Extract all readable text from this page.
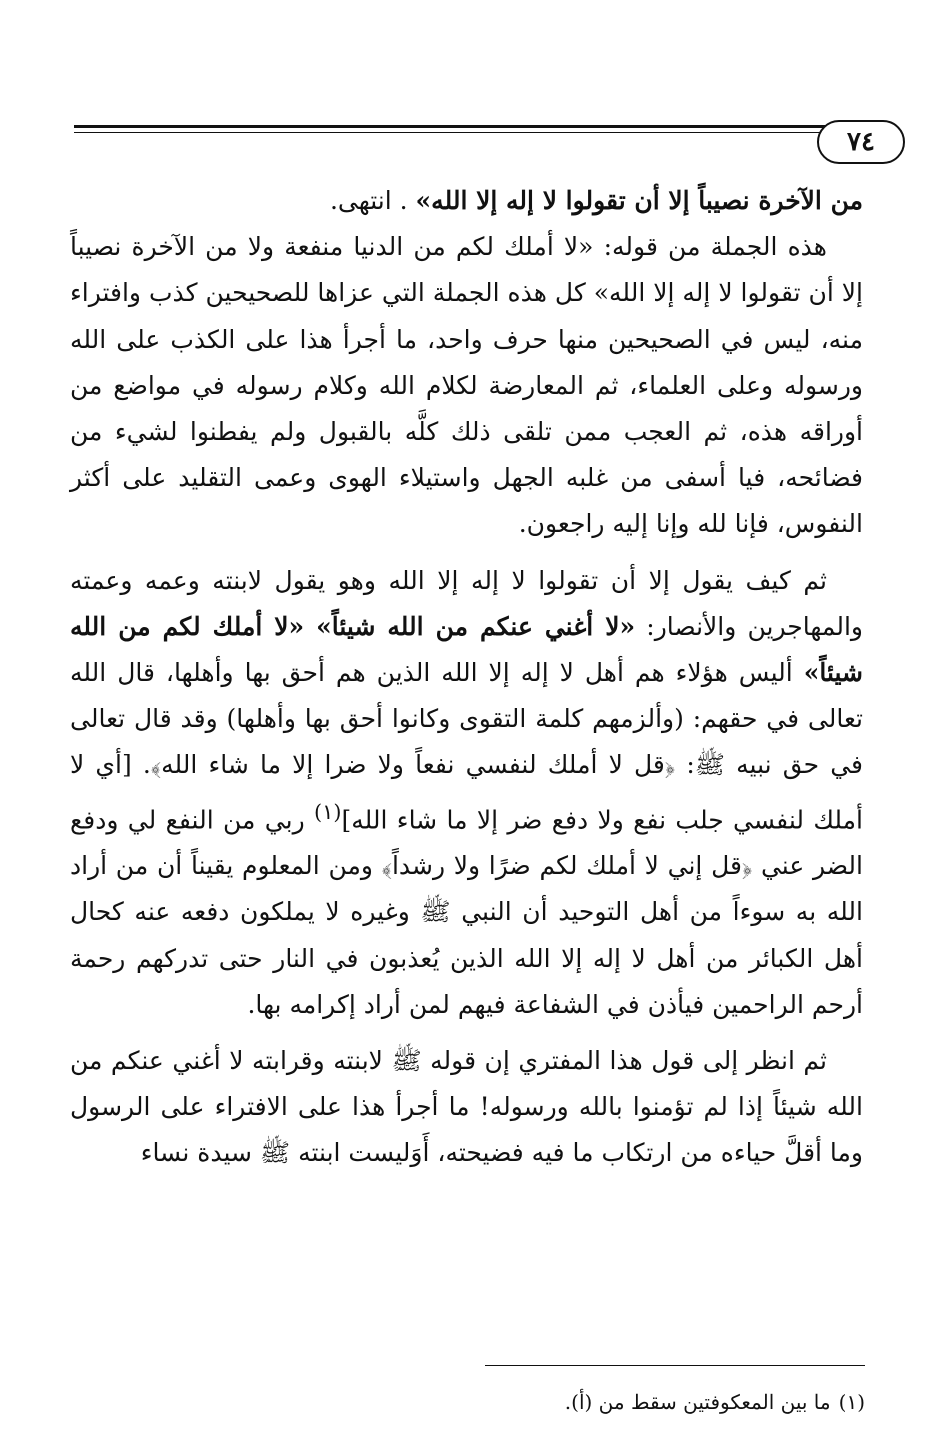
٧٤

من الآخرة نصيباً إلا أن تقولوا لا إله إلا الله» . انتهى.

هذه الجملة من قوله: «لا أملك لكم من الدنيا منفعة ولا من الآخرة نصيباً إلا أن تقولوا لا إله إلا الله» كل هذه الجملة التي عزاها للصحيحين كذب وافتراء منه، ليس في الصحيحين منها حرف واحد، ما أجرأ هذا على الكذب على الله ورسوله وعلى العلماء، ثم المعارضة لكلام الله وكلام رسوله في مواضع من أوراقه هذه، ثم العجب ممن تلقى ذلك كلَّه بالقبول ولم يفطنوا لشيء من فضائحه، فيا أسفى من غلبه الجهل واستيلاء الهوى وعمى التقليد على أكثر النفوس، فإنا لله وإنا إليه راجعون.

ثم كيف يقول إلا أن تقولوا لا إله إلا الله وهو يقول لابنته وعمه وعمته والمهاجرين والأنصار: «لا أغني عنكم من الله شيئاً» «لا أملك لكم من الله شيئاً» أليس هؤلاء هم أهل لا إله إلا الله الذين هم أحق بها وأهلها، قال الله تعالى في حقهم: (وألزمهم كلمة التقوى وكانوا أحق بها وأهلها) وقد قال تعالى في حق نبيه ﷺ: ﴿قل لا أملك لنفسي نفعاً ولا ضرا إلا ما شاء الله﴾. [أي لا أملك لنفسي جلب نفع ولا دفع ضر إلا ما شاء الله]$^{(١)}$ ربي من النفع لي ودفع الضر عني ﴿قل إني لا أملك لكم ضرًا ولا رشداً﴾ ومن المعلوم يقيناً أن من أراد الله به سوءاً من أهل التوحيد أن النبي ﷺ وغيره لا يملكون دفعه عنه كحال أهل الكبائر من أهل لا إله إلا الله الذين يُعذبون في النار حتى تدركهم رحمة أرحم الراحمين فيأذن في الشفاعة فيهم لمن أراد إكرامه بها.

ثم انظر إلى قول هذا المفتري إن قوله ﷺ لابنته وقرابته لا أغني عنكم من الله شيئاً إذا لم تؤمنوا بالله ورسوله! ما أجرأ هذا على الافتراء على الرسول وما أقلَّ حياءه من ارتكاب ما فيه فضيحته، أَوَليست ابنته ﷺ سيدة نساء

(١)ما بين المعكوفتين سقط من (أ).
